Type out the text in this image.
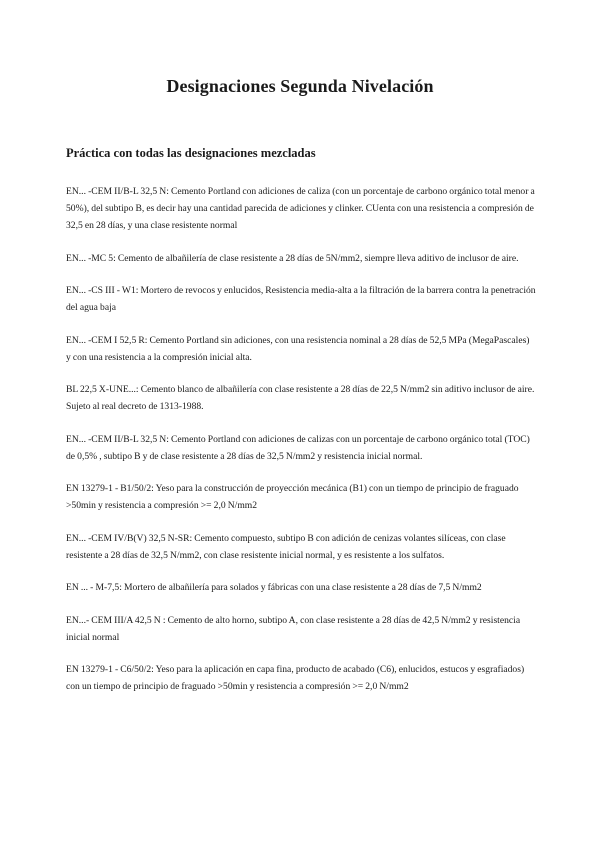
Designaciones Segunda Nivelación
Práctica con todas las designaciones mezcladas
EN... -CEM II/B-L 32,5 N: Cemento Portland con adiciones de caliza (con un porcentaje de carbono orgánico total menor a 50%), del subtipo B, es decir hay una cantidad parecida de adiciones y clinker. CUenta con una resistencia a compresión de 32,5 en 28 días, y una clase resistente normal
EN... -MC 5: Cemento de albañilería de clase resistente a 28 días de 5N/mm2, siempre lleva aditivo de inclusor de aire.
EN... -CS III - W1: Mortero de revocos y enlucidos, Resistencia media-alta a la filtración de la barrera contra la penetración del agua baja
EN... -CEM I 52,5 R: Cemento Portland sin adiciones, con una resistencia nominal a 28 días de 52,5 MPa (MegaPascales) y con una resistencia a la compresión inicial alta.
BL 22,5 X-UNE...: Cemento blanco de albañilería con clase resistente a 28 días de 22,5 N/mm2 sin aditivo inclusor de aire. Sujeto al real decreto de 1313-1988.
EN... -CEM II/B-L 32,5 N: Cemento Portland con adiciones de calizas con un porcentaje de carbono orgánico total (TOC) de 0,5% , subtipo B y de clase resistente a 28 días de 32,5 N/mm2 y resistencia inicial normal.
EN 13279-1 - B1/50/2: Yeso para la construcción de proyección mecánica (B1) con un tiempo de principio de fraguado >50min y resistencia a compresión >= 2,0 N/mm2
EN... -CEM IV/B(V) 32,5 N-SR: Cemento compuesto, subtipo B con adición de cenizas volantes silíceas, con clase resistente a 28 días de 32,5 N/mm2, con clase resistente inicial normal, y es resistente a los sulfatos.
EN ... - M-7,5: Mortero de albañilería para solados y fábricas con una clase resistente a 28 días de 7,5 N/mm2
EN...- CEM III/A 42,5 N : Cemento de alto horno, subtipo A, con clase resistente a 28 días de 42,5 N/mm2 y resistencia inicial normal
EN 13279-1 - C6/50/2: Yeso para la aplicación en capa fina, producto de acabado (C6), enlucidos, estucos y esgrafiados) con un tiempo de principio de fraguado >50min y resistencia a compresión >= 2,0 N/mm2
